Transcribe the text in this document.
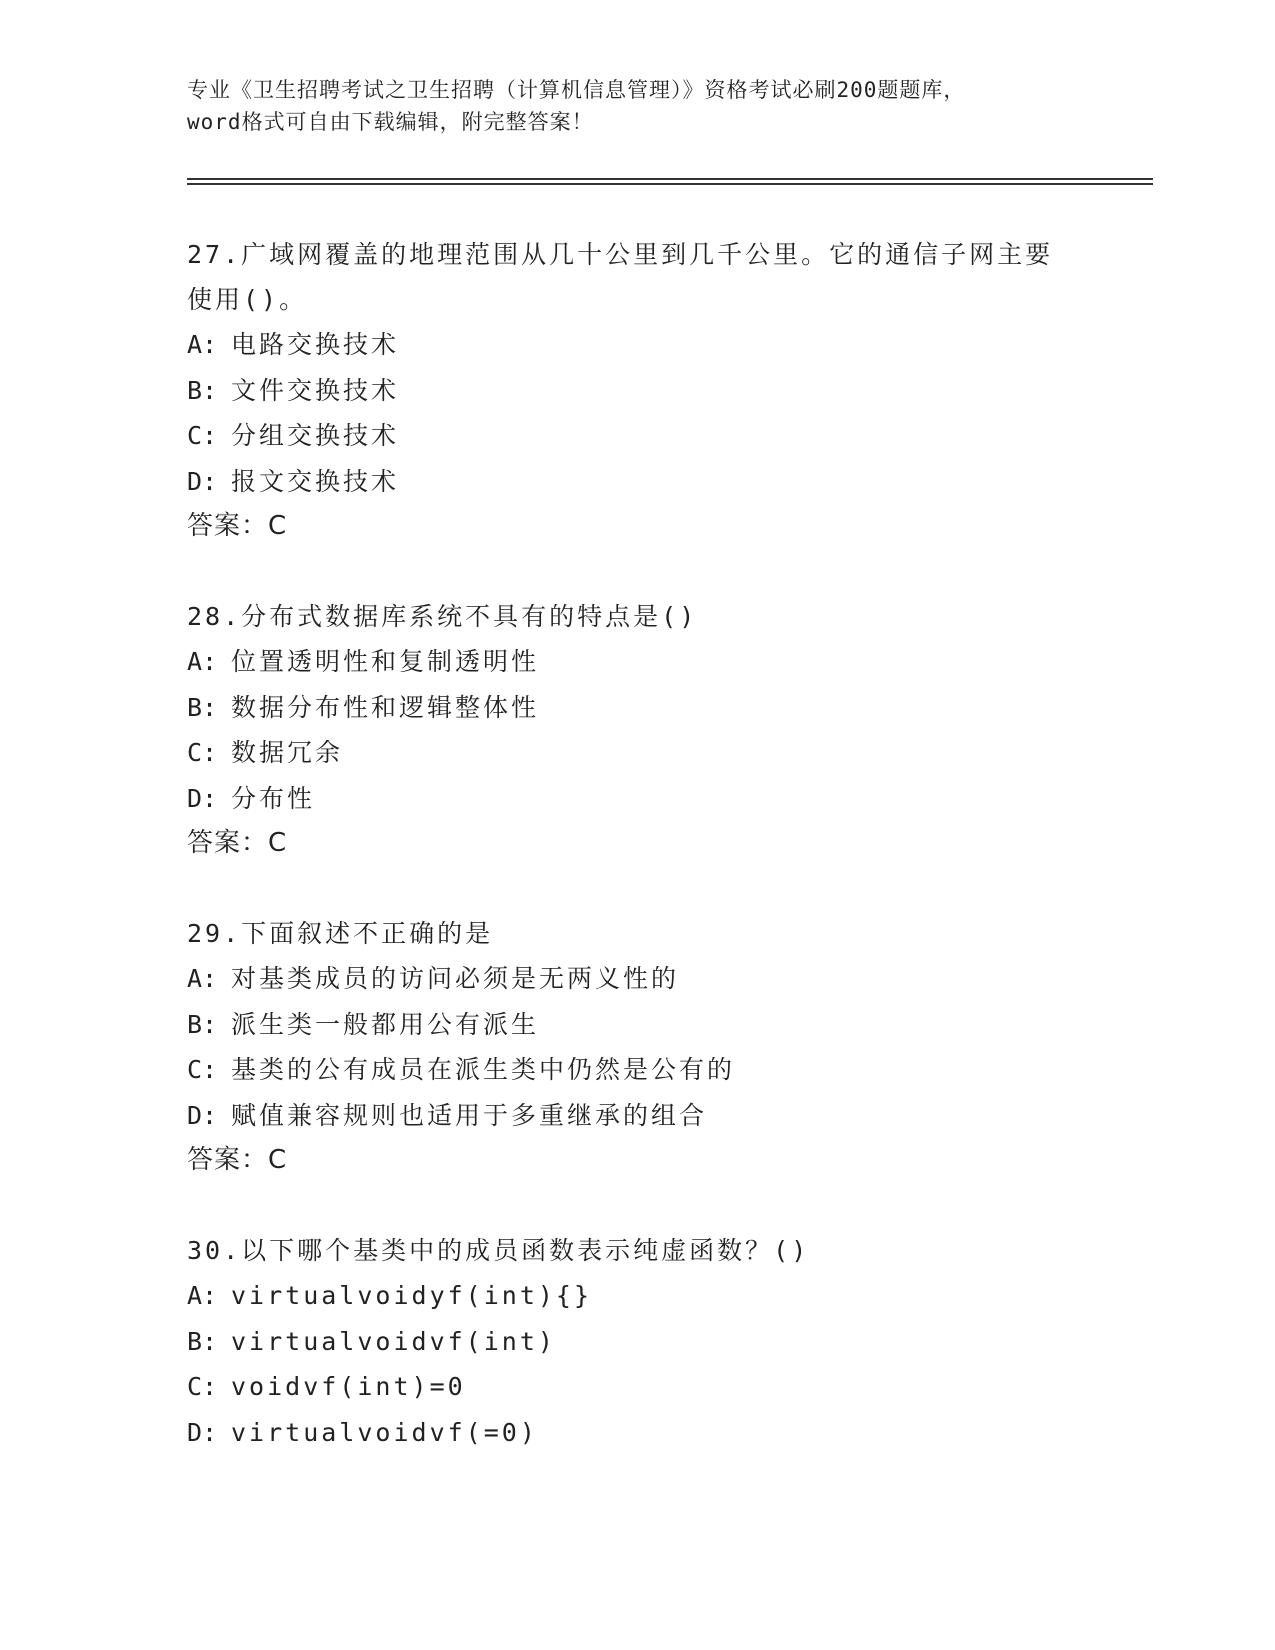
专业《卫生招聘考试之卫生招聘（计算机信息管理）》资格考试必刷200题题库，
word格式可自由下载编辑，附完整答案！
27.广域网覆盖的地理范围从几十公里到几千公里。它的通信子网主要
使用()。
A: 电路交换技术
B: 文件交换技术
C: 分组交换技术
D: 报文交换技术
答案：C
28.分布式数据库系统不具有的特点是()
A: 位置透明性和复制透明性
B: 数据分布性和逻辑整体性
C: 数据冗余
D: 分布性
答案：C
29.下面叙述不正确的是
A: 对基类成员的访问必须是无两义性的
B: 派生类一般都用公有派生
C: 基类的公有成员在派生类中仍然是公有的
D: 赋值兼容规则也适用于多重继承的组合
答案：C
30.以下哪个基类中的成员函数表示纯虚函数？()
A: virtualvoidyf(int){}
B: virtualvoidvf(int)
C: voidvf(int)=0
D: virtualvoidvf(=0)
